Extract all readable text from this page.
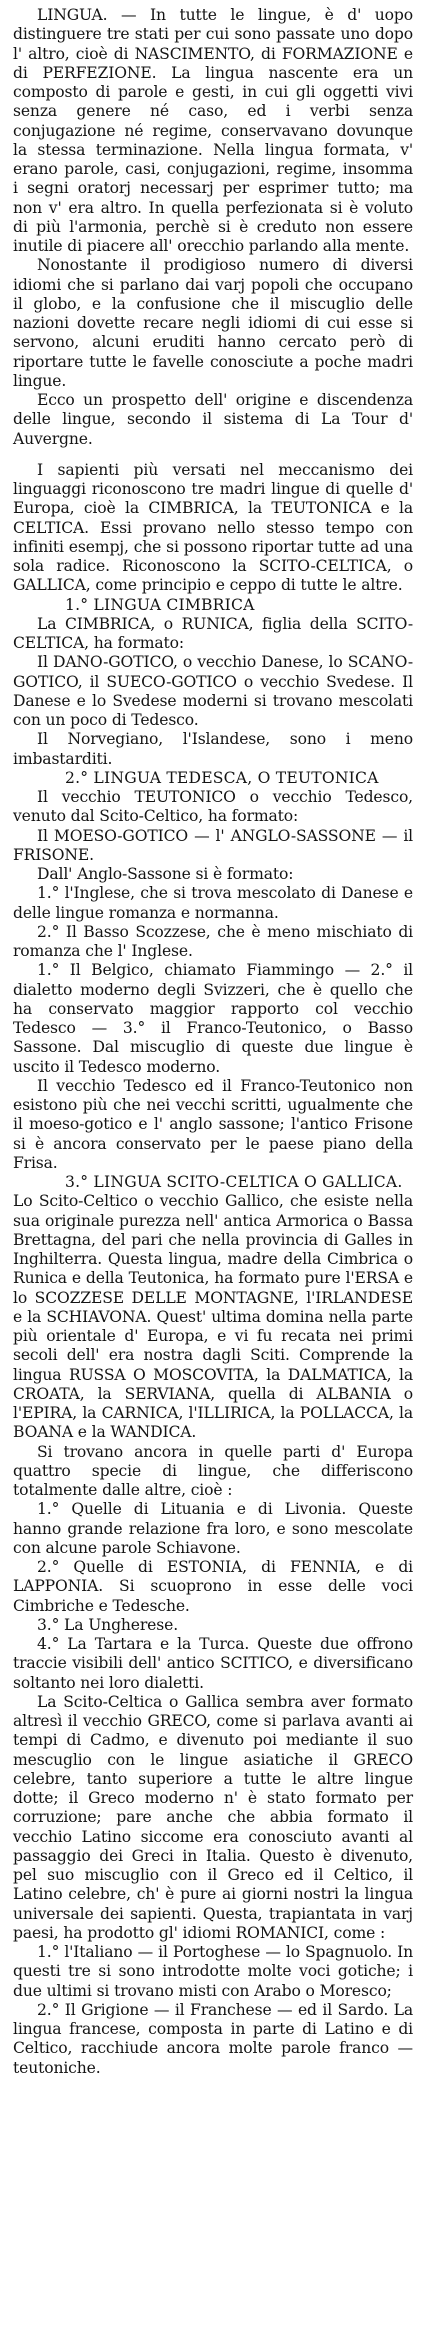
LINGUA. — In tutte le lingue, è d' uopo distinguere tre stati per cui sono passate uno dopo l' altro, cioè di NASCIMENTO, di FORMAZIONE e di PERFEZIONE. La lingua nascente era un composto di parole e gesti, in cui gli oggetti vivi senza genere né caso, ed i verbi senza conjugazione né regime, conservavano dovunque la stessa terminazione. Nella lingua formata, v' erano parole, casi, conjugazioni, regime, insomma i segni oratorj necessarj per esprimer tutto; ma non v' era altro. In quella perfezionata si è voluto di più l'armonia, perchè si è creduto non essere inutile di piacere all' orecchio parlando alla mente.

Nonostante il prodigioso numero di diversi idiomi che si parlano dai varj popoli che occupano il globo, e la confusione che il miscuglio delle nazioni dovette recare negli idiomi di cui esse si servono, alcuni eruditi hanno cercato però di riportare tutte le favelle conosciute a poche madri lingue.

Ecco un prospetto dell' origine e discendenza delle lingue, secondo il sistema di La Tour d' Auvergne.

I sapienti più versati nel meccanismo dei linguaggi riconoscono tre madri lingue di quelle d' Europa, cioè la CIMBRICA, la TEUTONICA e la CELTICA. Essi provano nello stesso tempo con infiniti esempj, che si possono riportar tutte ad una sola radice. Riconoscono la SCITO-CELTICA, o GALLICA, come principio e ceppo di tutte le altre.

1.° LINGUA CIMBRICA

La CIMBRICA, o RUNICA, figlia della SCITO-CELTICA, ha formato:

Il DANO-GOTICO, o vecchio Danese, lo SCANO-GOTICO, il SUECO-GOTICO o vecchio Svedese. Il Danese e lo Svedese moderni si trovano mescolati con un poco di Tedesco.

Il Norvegiano, l'Islandese, sono i meno imbastarditi.

2.° LINGUA TEDESCA, O TEUTONICA

Il vecchio TEUTONICO o vecchio Tedesco, venuto dal Scito-Celtico, ha formato:

Il MOESO-GOTICO — l' ANGLO-SASSONE — il FRISONE.

Dall' Anglo-Sassone si è formato:

1.° l'Inglese, che si trova mescolato di Danese e delle lingue romanza e normanna.

2.° Il Basso Scozzese, che è meno mischiato di romanza che l' Inglese.

1.° Il Belgico, chiamato Fiammingo — 2.° il dialetto moderno degli Svizzeri, che è quello che ha conservato maggior rapporto col vecchio Tedesco — 3.° il Franco-Teutonico, o Basso Sassone. Dal miscuglio di queste due lingue è uscito il Tedesco moderno.

Il vecchio Tedesco ed il Franco-Teutonico non esistono più che nei vecchi scritti, ugualmente che il moeso-gotico e l' anglo sassone; l'antico Frisone si è ancora conservato per le paese piano della Frisa.

3.° LINGUA SCITO-CELTICA O GALLICA.

Lo Scito-Celtico o vecchio Gallico, che esiste nella sua originale purezza nell' antica Armorica o Bassa Brettagna, del pari che nella provincia di Galles in Inghilterra. Questa lingua, madre della Cimbrica o Runica e della Teutonica, ha formato pure l'ERSA e lo SCOZZESE DELLE MONTAGNE, l'IRLANDESE e la SCHIAVONA. Quest' ultima domina nella parte più orientale d' Europa, e vi fu recata nei primi secoli dell' era nostra dagli Sciti. Comprende la lingua RUSSA O MOSCOVITA, la DALMATICA, la CROATA, la SERVIANA, quella di ALBANIA o l'EPIRA, la CARNICA, l'ILLIRICA, la POLLACCA, la BOANA e la WANDICA.

Si trovano ancora in quelle parti d' Europa quattro specie di lingue, che differiscono totalmente dalle altre, cioè :

1.° Quelle di Lituania e di Livonia. Queste hanno grande relazione fra loro, e sono mescolate con alcune parole Schiavone.

2.° Quelle di ESTONIA, di FENNIA, e di LAPPONIA. Si scuoprono in esse delle voci Cimbriche e Tedesche.

3.° La Ungherese.

4.° La Tartara e la Turca. Queste due offrono traccie visibili dell' antico SCITICO, e diversificano soltanto nei loro dialetti.

La Scito-Celtica o Gallica sembra aver formato altresì il vecchio GRECO, come si parlava avanti ai tempi di Cadmo, e divenuto poi mediante il suo mescuglio con le lingue asiatiche il GRECO celebre, tanto superiore a tutte le altre lingue dotte; il Greco moderno n' è stato formato per corruzione; pare anche che abbia formato il vecchio Latino siccome era conosciuto avanti al passaggio dei Greci in Italia. Questo è divenuto, pel suo miscuglio con il Greco ed il Celtico, il Latino celebre, ch' è pure ai giorni nostri la lingua universale dei sapienti. Questa, trapiantata in varj paesi, ha prodotto gl' idiomi ROMANICI, come :

1.° l'Italiano — il Portoghese — lo Spagnuolo. In questi tre si sono introdotte molte voci gotiche; i due ultimi si trovano misti con Arabo o Moresco;

2.° Il Grigione — il Franchese — ed il Sardo. La lingua francese, composta in parte di Latino e di Celtico, racchiude ancora molte parole franco — teutoniche.
